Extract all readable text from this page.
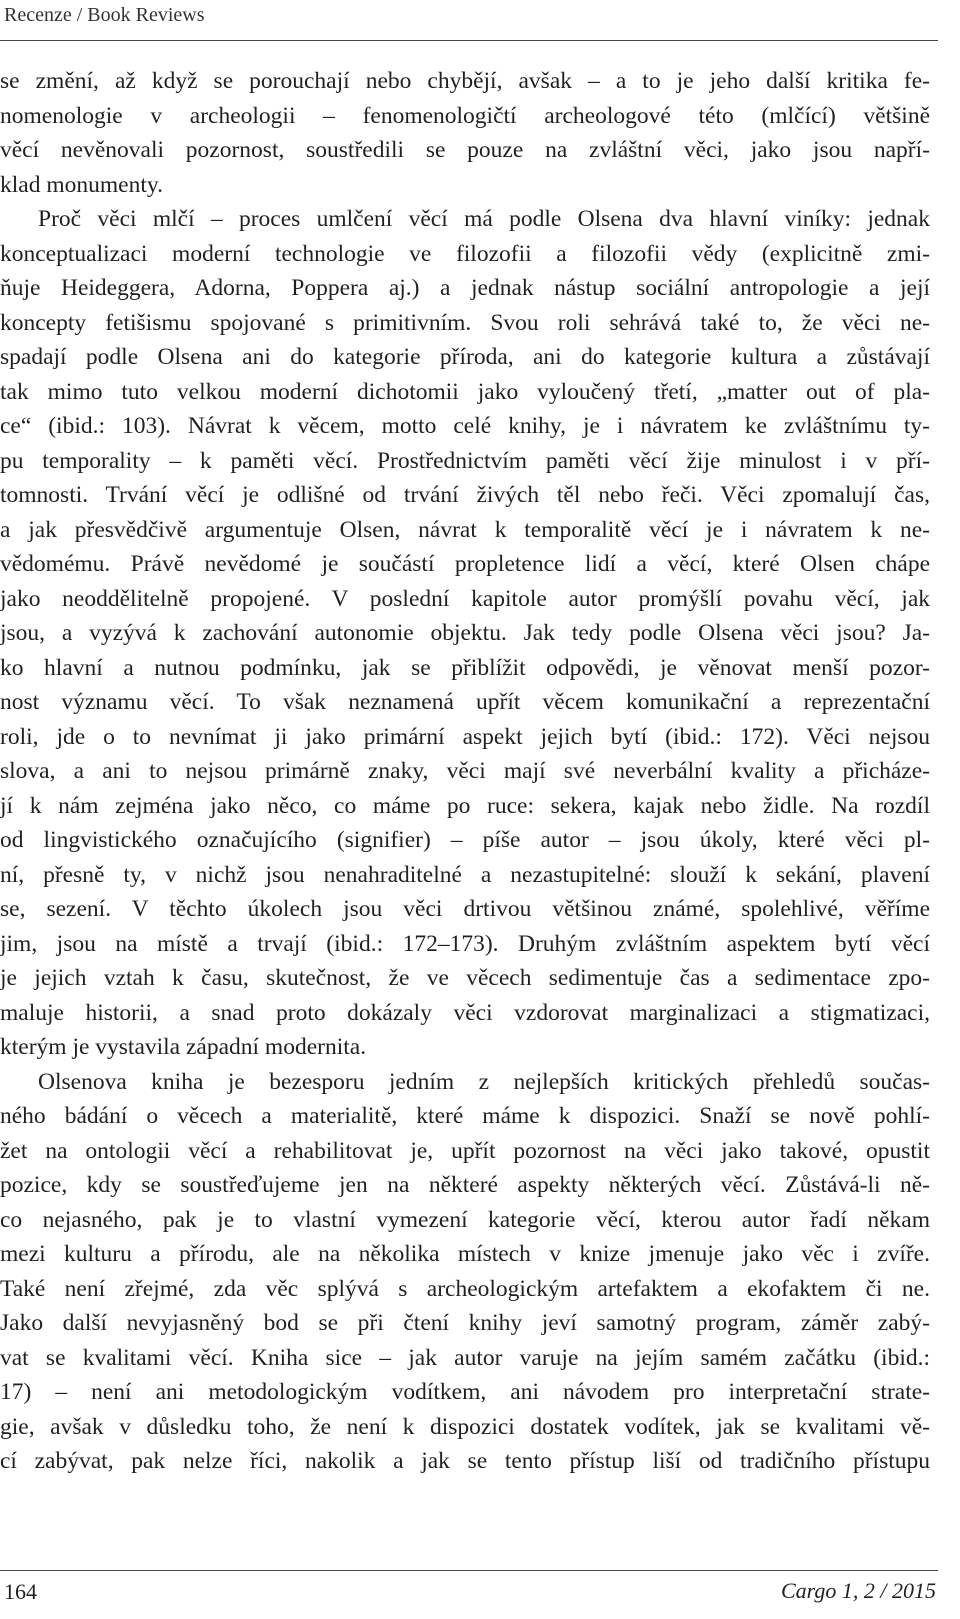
Recenze / Book Reviews
se změní, až když se porouchají nebo chybějí, avšak – a to je jeho další kritika fe-
nomenologie v archeologii – fenomenologičtí archeologové této (mlčící) většině
věcí nevěnovali pozornost, soustředili se pouze na zvláštní věci, jako jsou napří-
klad monumenty.
Proč věci mlčí – proces umlčení věcí má podle Olsena dva hlavní viníky: jednak
konceptualizaci moderní technologie ve filozofii a filozofii vědy (explicitně zmi-
ňuje Heideggera, Adorna, Poppera aj.) a jednak nástup sociální antropologie a její
koncepty fetišismu spojované s primitivním. Svou roli sehrává také to, že věci ne-
spadají podle Olsena ani do kategorie příroda, ani do kategorie kultura a zůstávají
tak mimo tuto velkou moderní dichotomii jako vyloučený třetí, „matter out of pla-
ce“ (ibid.: 103). Návrat k věcem, motto celé knihy, je i návratem ke zvláštnímu ty-
pu temporality – k paměti věcí. Prostřednictvím paměti věcí žije minulost i v pří-
tomnosti. Trvání věcí je odlišné od trvání živých těl nebo řeči. Věci zpomalují čas,
a jak přesvědčivě argumentuje Olsen, návrat k temporalitě věcí je i návratem k ne-
vědomému. Právě nevědomé je součástí propletence lidí a věcí, které Olsen chápe
jako neoddělitelně propojené. V poslední kapitole autor promýšlí povahu věcí, jak
jsou, a vyzývá k zachování autonomie objektu. Jak tedy podle Olsena věci jsou? Ja-
ko hlavní a nutnou podmínku, jak se přiblížit odpovědi, je věnovat menší pozor-
nost významu věcí. To však neznamená upřít věcem komunikační a reprezentační
roli, jde o to nevnímat ji jako primární aspekt jejich bytí (ibid.: 172). Věci nejsou
slova, a ani to nejsou primárně znaky, věci mají své neverbální kvality a přicháze-
jí k nám zejména jako něco, co máme po ruce: sekera, kajak nebo židle. Na rozdíl
od lingvistického označujícího (signifier) – píše autor – jsou úkoly, které věci pl-
ní, přesně ty, v nichž jsou nenahraditelné a nezastupitelné: slouží k sekání, plavení
se, sezení. V těchto úkolech jsou věci drtivou většinou známé, spolehlivé, věříme
jim, jsou na místě a trvají (ibid.: 172–173). Druhým zvláštním aspektem bytí věcí
je jejich vztah k času, skutečnost, že ve věcech sedimentuje čas a sedimentace zpo-
maluje historii, a snad proto dokázaly věci vzdorovat marginalizaci a stigmatizaci,
kterým je vystavila západní modernita.
Olsenova kniha je bezesporu jedním z nejlepších kritických přehledů součas-
ného bádání o věcech a materialitě, které máme k dispozici. Snaží se nově pohlí-
žet na ontologii věcí a rehabilitovat je, upřít pozornost na věci jako takové, opustit
pozice, kdy se soustřeďujeme jen na některé aspekty některých věcí. Zůstává-li ně-
co nejasného, pak je to vlastní vymezení kategorie věcí, kterou autor řadí někam
mezi kulturu a přírodu, ale na několika místech v knize jmenuje jako věc i zvíře.
Také není zřejmé, zda věc splývá s archeologickým artefaktem a ekofaktem či ne.
Jako další nevyjasněný bod se při čtení knihy jeví samotný program, záměr zabý-
vat se kvalitami věcí. Kniha sice – jak autor varuje na jejím samém začátku (ibid.:
17) – není ani metodologickým vodítkem, ani návodem pro interpretační strate-
gie, avšak v důsledku toho, že není k dispozici dostatek vodítek, jak se kvalitami vě-
cí zabývat, pak nelze říci, nakolik a jak se tento přístup liší od tradičního přístupu
164	Cargo 1, 2 / 2015
